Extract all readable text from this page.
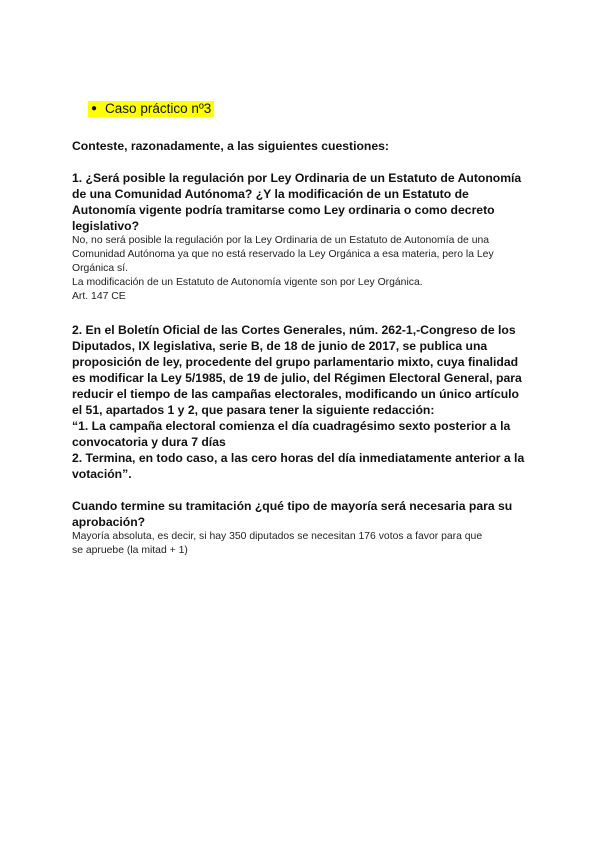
● Caso práctico nº3

Conteste, razonadamente, a las siguientes cuestiones:

1. ¿Será posible la regulación por Ley Ordinaria de un Estatuto de Autonomía

de una Comunidad Autónoma? ¿Y la modificación de un Estatuto de

Autonomía vigente podría tramitarse como Ley ordinaria o como decreto

legislativo?

No, no será posible la regulación por la Ley Ordinaria de un Estatuto de Autonomía de una

Comunidad Autónoma ya que no está reservado la Ley Orgánica a esa materia, pero la Ley

Orgánica sí.

La modificación de un Estatuto de Autonomía vigente son por Ley Orgánica.

Art. 147 CE

2. En el Boletín Oficial de las Cortes Generales, núm. 262-1,-Congreso de los

Diputados, IX legislativa, serie B, de 18 de junio de 2017, se publica una

proposición de ley, procedente del grupo parlamentario mixto, cuya finalidad

es modificar la Ley 5/1985, de 19 de julio, del Régimen Electoral General, para

reducir el tiempo de las campañas electorales, modificando un único artículo

el 51, apartados 1 y 2, que pasara tener la siguiente redacción:

“1. La campaña electoral comienza el día cuadragésimo sexto posterior a la

convocatoria y dura 7 días

2. Termina, en todo caso, a las cero horas del día inmediatamente anterior a la

votación”.

Cuando termine su tramitación ¿qué tipo de mayoría será necesaria para su

aprobación?

Mayoría absoluta, es decir, si hay 350 diputados se necesitan 176 votos a favor para que

se apruebe (la mitad + 1)
